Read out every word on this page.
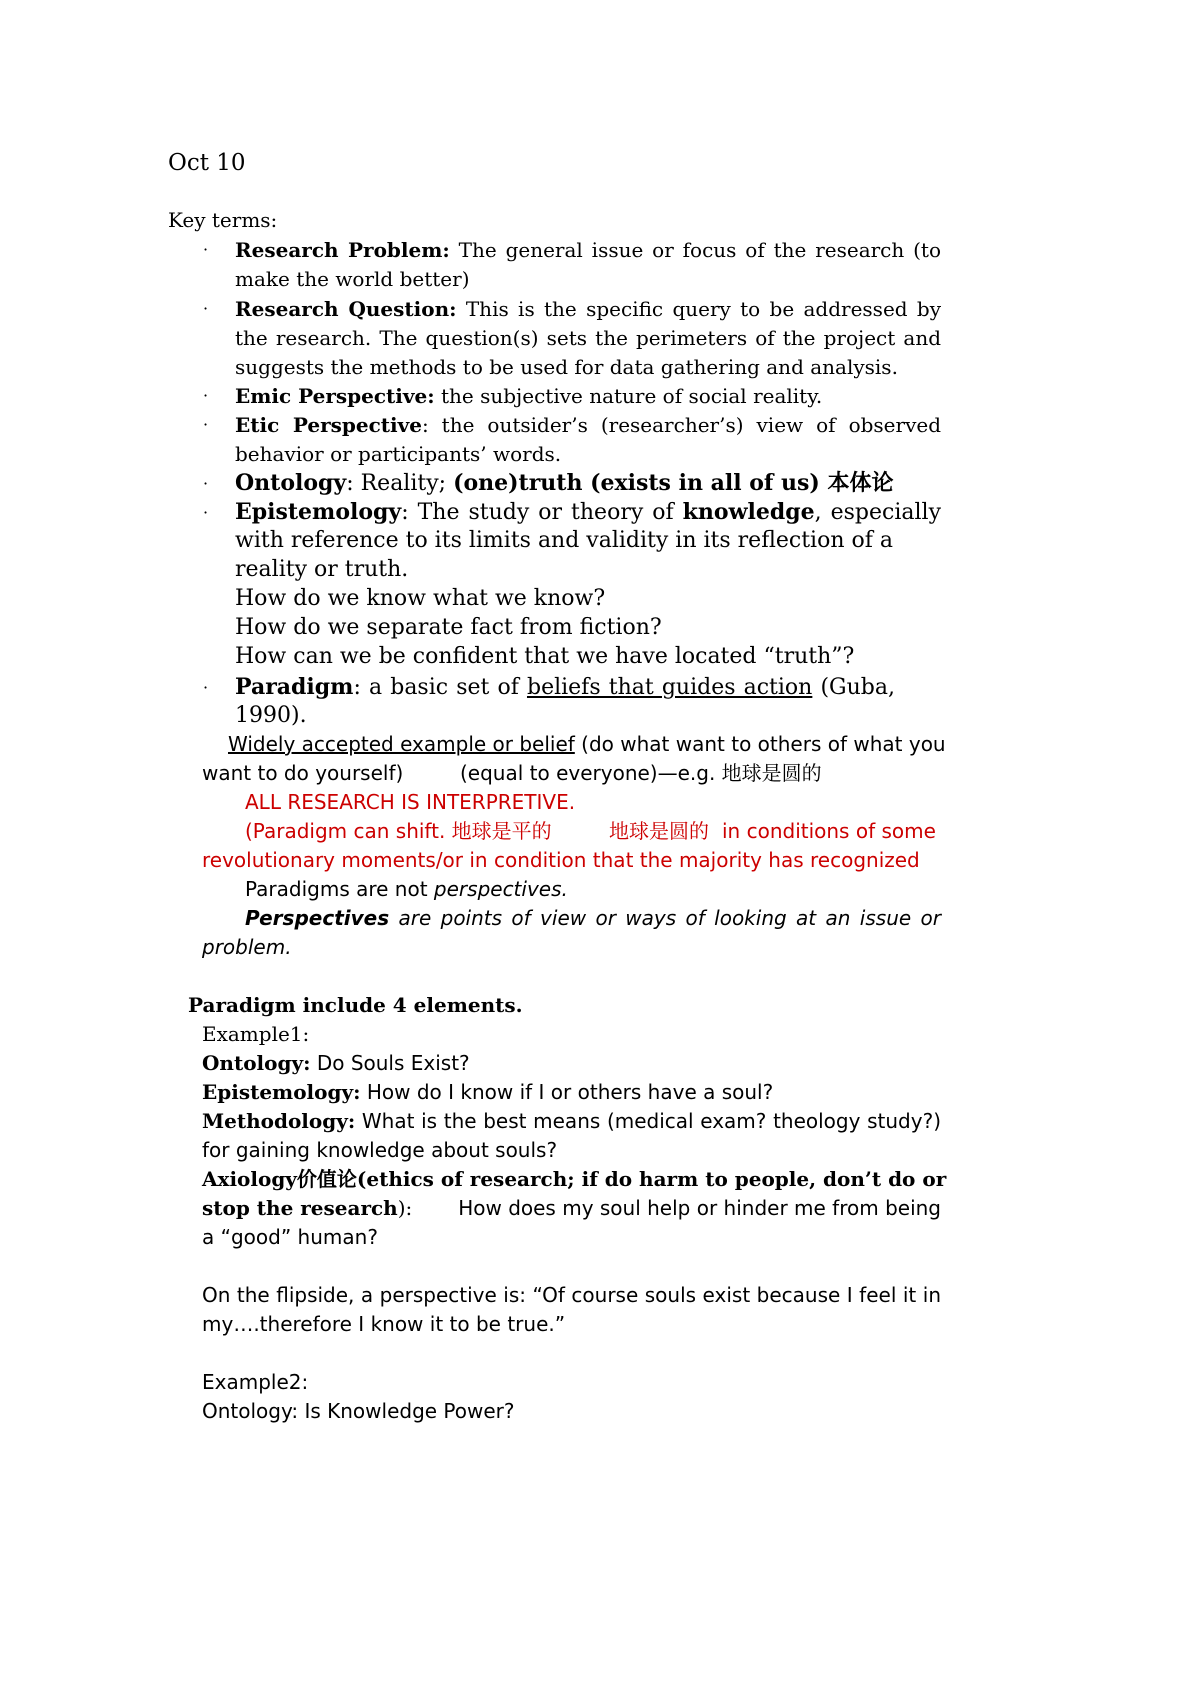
Oct 10
Key terms:
· Research Problem: The general issue or focus of the research (to
make the world better)
· Research Question: This is the specific query to be addressed by
the research. The question(s) sets the perimeters of the project and
suggests the methods to be used for data gathering and analysis.
· Emic Perspective: the subjective nature of social reality.
· Etic Perspective: the outsider’s (researcher’s) view of observed
behavior or participants’ words.
· Ontology: Reality; (one)truth (exists in all of us) 本体论
· Epistemology: The study or theory of knowledge, especially
with reference to its limits and validity in its reflection of a
reality or truth.
How do we know what we know?
How do we separate fact from fiction?
How can we be confident that we have located “truth”?
· Paradigm: a basic set of beliefs that guides action (Guba,
1990).
Widely accepted example or belief (do what want to others of what you
want to do yourself)	(equal to everyone)—e.g. 地球是圆的
ALL RESEARCH IS INTERPRETIVE.
(Paradigm can shift. 地球是平的	地球是圆的 in conditions of some
revolutionary moments/or in condition that the majority has recognized
Paradigms are not perspectives.
Perspectives are points of view or ways of looking at an issue or
problem.
Paradigm include 4 elements.
Example1:
Ontology: Do Souls Exist?
Epistemology: How do I know if I or others have a soul?
Methodology: What is the best means (medical exam? theology study?)
for gaining knowledge about souls?
Axiology价值论(ethics of research; if do harm to people, don’t do or
stop the research):	How does my soul help or hinder me from being
a “good” human?
On the flipside, a perspective is: “Of course souls exist because I feel it in
my….therefore I know it to be true.”
Example2:
Ontology: Is Knowledge Power?
